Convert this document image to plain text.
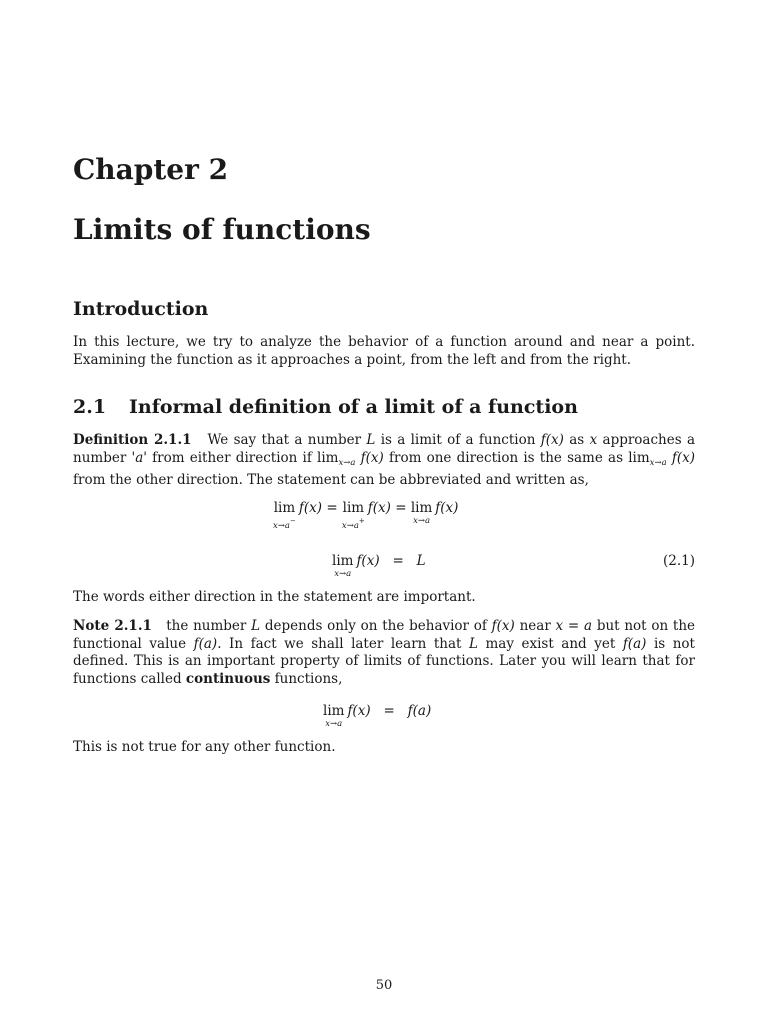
Chapter 2
Limits of functions
Introduction

In this lecture, we try to analyze the behavior of a function around and near a point. Examining the function as it approaches a point, from the left and from the right.

2.1 Informal definition of a limit of a function

Definition 2.1.1 We say that a number L is a limit of a function f(x) as x approaches a number 'a' from either direction if $\lim_{x\to a} f(x)$ from one direction is the same as $\lim_{x\to a} f(x)$ from the other direction. The statement can be abbreviated and written as,

lim
x→a−
f(x) = lim
x→a+
f(x) = lim
x→a
f(x)
lim
x→a
f(x) = L	(2.1)

The words either direction in the statement are important.

Note 2.1.1 the number L depends only on the behavior of f(x) near x = a but not on the functional value f(a). In fact we shall later learn that L may exist and yet f(a) is not defined. This is an important property of limits of functions. Later you will learn that for functions called continuous functions,

lim
x→a
f(x) = f(a)

This is not true for any other function.

50
